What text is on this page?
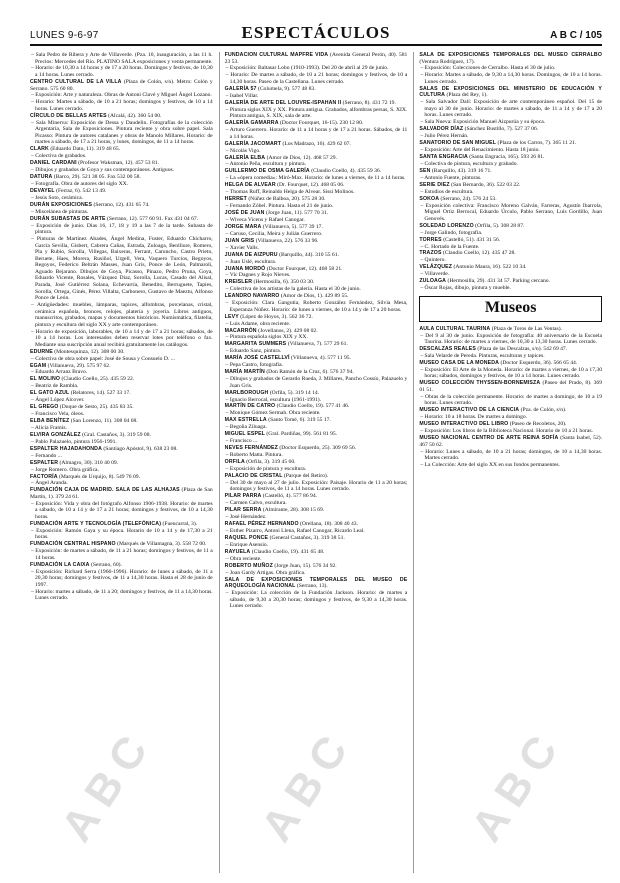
LUNES 9-6-97	ESPECTÁCULOS	A B C / 105
– Sala Pedro de Ribera y Arte de Villaverde. (Pza. 10, inauguración, a las 11 h. Precios: Mercedes del Río. PLATINO SALA exposiciones y venta permanente.
– Horario: de 10,30 a 14 horas y de 17 a 20 horas. Domingos y festivos, de 10,30 a 14 horas. Lunes cerrado.
CENTRO CULTURAL DE LA VILLA (Plaza de Colón, s/n). Metro: Colón y Serrano. 575 60 80.
– Exposición: Arte y naturaleza. Obras de Antoni Clavé y Miguel Ángel Lozano.
– Horario: Martes a sábado, de 10 a 21 horas; domingos y festivos, de 10 a 14 horas. Lunes cerrado.
CÍRCULO DE BELLAS ARTES (Alcalá, 42). 360 54 00.
– Sala Minerva: Exposición de Dessa y Daudelin. Fotografías de la colección Argentaria, Sala de Exposiciones. Pintura reciente y obra sobre papel. Sala Picasso: Pintura de autores catalanes y obras de Manolo Millares. Horario: de martes a sábado, de 17 a 21 horas, y lunes, domingos, de 11 a 14 horas.
CLARK (Eduardo Dato, 11). 319 48 65.
– Colectiva de grabados.
DANIEL CARDANI (Profesor Waksman, 12). 457 53 81.
– Dibujos y grabados de Goya y sus contemporáneos. Antiguos.
DATURA (Barco, 29). 521 38 05. Fax 532 00 58.
– Fotografía. Obra de autores del siglo XX.
DEVAYEL (Ferraz, 6). 542 13 49.
– Jesús Soto, cerámica.
DURÁN EXPOSICIONES (Serrano, 12). 431 65 74.
– Miscelánea de pinturas.
DURÁN SUBASTAS DE ARTE (Serrano, 12). 577 60 91. Fax 431 04 67.
– Exposición de junio. Días 16, 17, 18 y 19 a las 7 de la tarde. Subasta de pintura.
– Pinturas de Martínez Abades, Ángel Medina, Fuster, Eduardo Chicharro, García Sevilla, Gisbert, Cabrera Cañas, Estrada, Zuloaga, Benlliure, Romero, Pla y Rubio, Sorolla, Villegas, Baixeras, Ferrant, Caruncho, Castro Prieto, Beruete, Haes, Morera, Rusiñol, Urgell, Vera, Vaquero Turcios, Regoyos, Regoyos, Federico Beltrán Masses, Juan Gris, Ponce de León, Palmaroli, Aguado Bejarano. Dibujos de Goya, Picasso, Pinazo, Pedro Pruna, Goya, Eduardo Vicente, Rosales, Vázquez Díaz, Sorolla, Lucas, Casado del Alisal, Parada, José Gutiérrez Solana, Echevarría, Benedito, Berruguete, Tapies, Sorolla, Ortega, Ginés, Pérez Villalta, Carbonero, Gustavo de Maeztu, Alfonso Ponce de León.
– Antigüedades: muebles, lámparas, tapices, alfombras, porcelanas, cristal, cerámica española, bronces, relojes, platería y joyería. Libros antiguos, manuscritos, grabados, mapas y documentos históricos. Numismática, filatelia, pintura y escultura del siglo XX y arte contemporáneo.
– Horario de exposición, laborables, de 10 a 14 y de 17 a 21 horas; sábados, de 10 a 14 horas. Los interesados deben reservar lotes por teléfono o fax. Mediante una suscripción anual recibirá gratuitamente los catálogos.
EDURNE (Montesquinza, 12). 308 00 30.
– Colectiva de obra sobre papel: José de Sousa y Consuelo D. ...
EGAM (Villanueva, 29). 575 97 62.
– Eduardo Arranz Bravo.
EL MOLINO (Claudio Coello, 25). 435 59 22.
– Beatriz de Rambla.
EL GATO AZUL (Relatores, 14). 527 33 17.
– Ángel López Alcover.
EL GREGO (Duque de Sesto, 25). 435 83 35.
– Francisco Vela, óleos.
ELBA BENÍTEZ (San Lorenzo, 11). 308 04 68.
– Alicia Framis.
ELVIRA GONZÁLEZ (Gral. Castaños, 3). 319 59 08.
– Pablo Palazuelo, pintura 1956-1991.
ESPALTER HAJADAHONDA (Santiago Apóstol, 9). 638 23 08.
– Fernando ...
ESPALTER (Almagro, 30). 310 40 09.
– Jorge Romero. Obra gráfica.
FACTORÍA (Marqués de Urquijo, 8). 549 76 09.
– Ángel Aranda.
FUNDACIÓN CAJA DE MADRID. SALA DE LAS ALHAJAS (Plaza de San Martín, 1). 379 24 61.
– Exposición: Vida y obra del fotógrafo Alfonso 1906-1938. Horario: de martes a sábado, de 10 a 14 y de 17 a 21 horas; domingos y festivos, de 10 a 14,30 horas.
FUNDACIÓN ARTE Y TECNOLOGÍA (TELEFÓNICA) (Fuencarral, 3).
– Exposición: Ramón Gaya y su época. Horario de 10 a 14 y de 17,30 a 21 horas.
FUNDACIÓN CENTRAL HISPANO (Marqués de Villamagna, 3). 558 72 00.
– Exposición: de martes a sábado, de 11 a 21 horas; domingos y festivos, de 11 a 14 horas.
FUNDACIÓN LA CAIXA (Serrano, 60).
– Exposición: Richard Serra (1966-1996). Horario: de lunes a sábado, de 11 a 20,30 horas; domingos y festivos, de 11 a 14,30 horas. Hasta el 28 de junio de 1997.
– Horario: martes a sábado, de 11 a 20; domingos y festivos, de 11 a 14,30 horas. Lunes cerrado.
FUNDACIÓN CULTURAL MAPFRE VIDA (Avenida General Perón, 40). 581 23 53.
– Exposición: Baltasar Lobo (1910-1993). Del 20 de abril al 29 de junio.
– Horario: De martes a sábado, de 10 a 21 horas; domingos y festivos, de 10 a 14,30 horas. Paseo de la Castellana. Lunes cerrado.
GALERÍA 57 (Columela, 9). 577 48 83.
– Isabel Villar.
GALERÍA DE ARTE DEL LOUVRE-ISPAHAN II (Serrano, 8). 431 72 19.
– Pintura siglos XIX y XX. Pintura antigua. Grabados, alfombras persas, S. XIX. Pintura antigua, S. XIX, sala de arte.
GALERÍA GAMARRA (Doctor Fourquet, 16-15). 230 12 80.
– Arturo Guerrero. Horario: de 11 a 14 horas y de 17 a 21 horas. Sábados, de 11 a 14 horas.
GALERÍA JACOMART (Los Madrazo, 16). 429 62 07.
– Nicolás Vigo.
GALERÍA ELBA (Amor de Dios, 12). 468 57 29.
– Antonio Peña, escultura y pintura.
GUILLERMO DE OSMA GALERÍA (Claudio Coello, 4). 435 59 36.
– La «ópera comedia»: Miró-Max. Horario: de lunes a viernes, de 11 a 14 horas.
HELGA DE ALVEAR (Dr. Fourquet, 12). 468 05 06.
– Thomas Ruff, Reinaldo Helga de Alvear. Sissi Molinos.
HERRET (Núñez de Balboa, 20). 575 28 30.
– Fernando Zóbel. Pintura. Hasta el 21 de junio.
JOSÉ DE JUAN (Jorge Juan, 11). 577 70 31.
– Wiveca Vicens y Rafael Canogar.
JORGE MARA (Villanueva, 5). 577 39 17.
– Caruso, Cecilia, Meira y Julián Guerrero.
JUAN GRIS (Villanueva, 22). 576 33 96.
– Xavier Valls.
JUANA DE AIZPURU (Barquillo, 44). 310 55 61.
– Juan Uslé, escultura.
JUANA MORDÓ (Doctor Fourquet, 12). 468 58 21.
– Vic Dagnes y Rojo Nieves.
KREISLER (Hermosilla, 6). 350 03 30.
– Colectiva de los artistas de la galería. Hasta el 30 de junio.
LEANDRO NAVARRO (Amor de Dios, 1). 429 89 55.
– Exposición: Clara Gangutia, Roberto González Fernández, Silvia Mesa, Esperanza Núñez. Horario: de lunes a viernes, de 10 a 14 y de 17 a 20 horas.
LEVY (López de Hoyos, 3). 562 36 72.
– Luis Adame, obra reciente.
MACARRÓN (Jovellanos, 2). 429 08 02.
– Pintura española siglos XIX y XX.
MARGARITA SUMMERS (Villanueva, 7). 577 29 61.
– Eduardo Sanz, pintura.
MARÍA JOSÉ CASTELLVÍ (Villanueva, 4). 577 11 95.
– Pepa Castro, fotografía.
MARÍA MARTÍN (Don Ramón de la Cruz, 6). 576 37 94.
– Dibujos y grabados de Gerardo Rueda, J. Millares, Pancho Cossío, Palazuelo y Juan Gris.
MARLBOROUGH (Orfila, 5). 319 14 14.
– Ignacio Berrocal, escultura (1961-1991).
MARTÍN DE CATRO (Claudio Coello, 19). 577 41 46.
– Monique Gómez Sermah. Obra reciente.
MAX ESTRELLA (Santo Tomé, 6). 319 55 17.
– Begoña Ziluaga.
MIGUEL ESPEL (Gral. Pardiñas, 99). 561 81 95.
– Francisco ...
NEVES FERNÁNDEZ (Doctor Esquerdo, 25). 309 69 56.
– Roberto Matta. Pintura.
ORFILA (Orfila, 3). 319 45 60.
– Exposición de pintura y escultura.
PALACIO DE CRISTAL (Parque del Retiro).
– Del 30 de mayo al 27 de julio. Exposición: Paisaje. Horario de 11 a 20 horas; domingos y festivos, de 11 a 14 horas. Lunes cerrado.
PILAR PARRA (Castelló, 4). 577 86 94.
– Carmen Calvo, escultura.
PILAR SERRA (Almirante, 28). 308 15 69.
– José Hernández.
RAFAEL PÉREZ HERNANDO (Orellana, 18). 308 40 43.
– Esther Pizarro, Antoni Llena, Rafael Canogar, Ricardo Leal.
RAQUEL PONCE (General Castaños, 3). 319 38 51.
– Enrique Asensio.
RAYUELA (Claudio Coello, 19). 431 65 48.
– Obra reciente.
ROBERTO MUÑOZ (Jorge Juan, 15). 576 34 92.
– Joan Gardy Artigas. Obra gráfica.
SALA DE EXPOSICIONES TEMPORALES DEL MUSEO DE ARQUEOLOGÍA NACIONAL (Serrano, 13).
– Exposición: La colección de la Fundación Jackson. Horario: de martes a sábado, de 9,30 a 20,30 horas; domingos y festivos, de 9,30 a 14,30 horas. Lunes cerrado.
SALA DE EXPOSICIONES TEMPORALES DEL MUSEO CERRALBO (Ventura Rodríguez, 17).
– Exposición: Colecciones de Cerralbo. Hasta el 30 de julio.
– Horario: Martes a sábado, de 9,30 a 14,30 horas. Domingos, de 10 a 14 horas. Lunes cerrado.
SALAS DE EXPOSICIONES DEL MINISTERIO DE EDUCACIÓN Y CULTURA (Plaza del Rey, 1).
– Sala Salvador Dalí: Exposición de arte contemporáneo español. Del 15 de mayo al 30 de junio. Horario: de martes a sábado, de 11 a 14 y de 17 a 20 horas. Lunes cerrado.
– Sala Nueva: Exposición Manuel Aizpurúa y su época.
SALVADOR DÍAZ (Sánchez Bustillo, 7). 527 37 06.
– Julio Pérez Hernán.
SANATORIO DE SAN MIGUEL (Plaza de los Carros, 7). 365 11 21.
– Exposición: Arte del Renacimiento. Hasta 18 junio.
SANTA ENGRACIA (Santa Engracia, 165). 593 26 81.
– Colectiva de pintura, escultura y grabado.
SEN (Barquillo, 43). 319 16 71.
– Antonio Fuente, pinturas.
SERIE DIEZ (San Bernardo, 36). 522 03 22.
– Estudios de escultura.
SOKOA (Serrano, 24). 576 24 53.
– Exposición colectiva: Francisco Moreno Galván, Farreras, Agustín Ibarrola, Miguel Ortiz Berrocal, Eduardo Úrculo, Pablo Serrano, Luis Gordillo, Juan Genovés.
SOLEDAD LORENZO (Orfila, 5). 308 28 87.
– Jorge Galindo, fotografía.
TORRES (Castelló, 51). 431 31 56.
– C. Hortado de la Fuente.
TRAZOS (Claudio Coello, 12). 435 47 28.
– Quintero.
VELÁZQUEZ (Antonio Maura, 16). 522 10 34.
– Villaverde.
ZULOAGA (Hermosilla, 29). 431 34 57. Parking cercano.
– Óscar Rojas, dibujo, pintura y mueble.
Museos
AULA CULTURAL TAURINA (Plaza de Toros de Las Ventas).
– Del 9 al 30 de junio. Exposición de fotografía: 40 aniversario de la Escuela Taurina. Horario: de martes a viernes, de 10,30 a 13,30 horas. Lunes cerrado.
DESCALZAS REALES (Plaza de las Descalzas, s/n). 542 69 47.
– Sala Velarde de Pereda. Pinturas, esculturas y tapices.
MUSEO CASA DE LA MONEDA (Doctor Esquerdo, 36). 566 65 44.
– Exposición: El Arte de la Moneda. Horario: de martes a viernes, de 10 a 17,30 horas; sábados, domingos y festivos, de 10 a 14 horas. Lunes cerrado.
MUSEO COLECCIÓN THYSSEN-BORNEMISZA (Paseo del Prado, 8). 369 01 51.
– Obras de la colección permanente. Horario: de martes a domingo, de 10 a 19 horas. Lunes cerrado.
MUSEO INTERACTIVO DE LA CIENCIA (Pza. de Colón, s/n).
– Horario: 10 a 18 horas. De martes a domingo.
MUSEO INTERACTIVO DEL LIBRO (Paseo de Recoletos, 20).
– Exposición: Los libros de la Biblioteca Nacional. Horario de 10 a 21 horas.
MUSEO NACIONAL CENTRO DE ARTE REINA SOFÍA (Santa Isabel, 52). 467 50 62.
– Horario: Lunes a sábado, de 10 a 21 horas; domingos, de 10 a 14,30 horas. Martes cerrado.
– La Colección: Arte del siglo XX en sus fondos permanentes.
ABC ABC ABC
